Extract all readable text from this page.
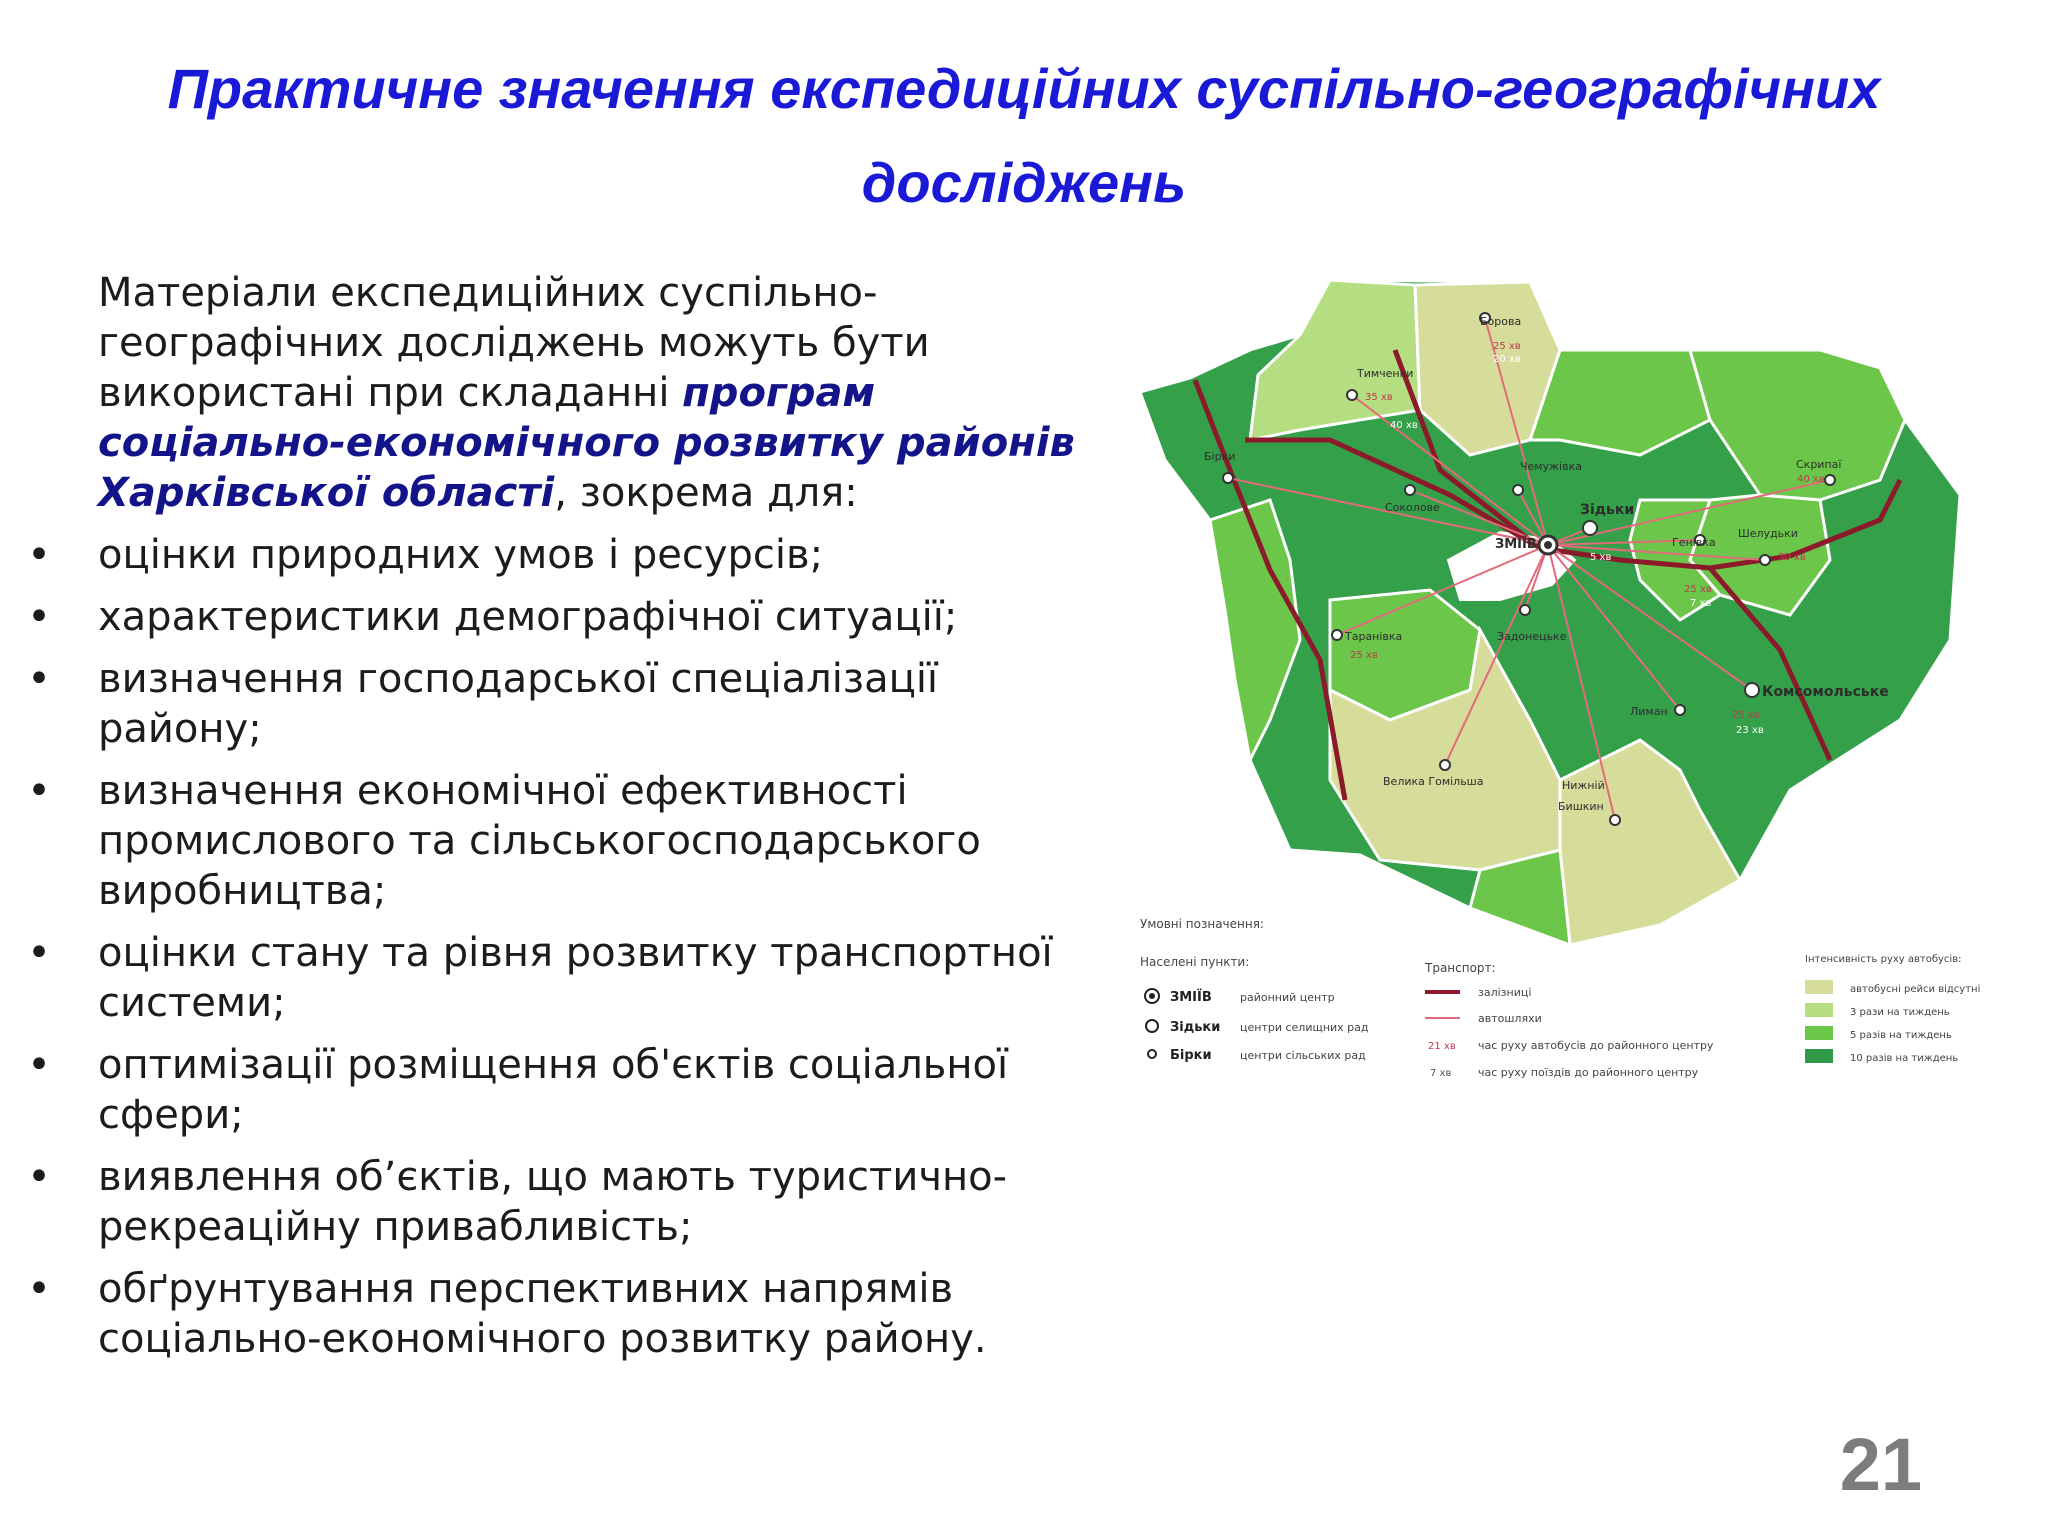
Практичне значення експедиційних суспільно-географічних досліджень

Матеріали експедиційних суспільно-географічних досліджень можуть бути використані при складанні програм соціально-економічного розвитку районів Харківської області, зокрема для:

• оцінки природних умов і ресурсів;
• характеристики демографічної ситуації;
• визначення господарської спеціалізації району;
• визначення економічної ефективності промислового та сільськогосподарського виробництва;
• оцінки стану та рівня розвитку транспортної системи;
• оптимізації розміщення об'єктів соціальної сфери;
• виявлення об’єктів, що мають туристично-рекреаційну привабливість;
• обґрунтування перспективних напрямів соціально-економічного розвитку району.
Борова
Тимченки
Бірки
Чемужівка
Соколове
ЗМІЇВ
Зідьки
Скрипаї
Генівка
Шелудьки
Таранівка	Задонецьке
Лиман
Комсомольське
Велика Гомільша	Нижній
Бишкин
25 хв
20 хв
35 хв
40 хв
40 хв
5 хв	30 хв
25 хв
7 хв
25 хв
25 хв
23 хв
Умовні позначення:
Населені пункти:
ЗМІЇВ	районний центр
Зідьки центри селищних рад
Бірки	центри сільських рад
Транспорт:
залізниці
автошляхи
21 хв час руху автобусів до районного центру
7 хв час руху поїздів до районного центру
Інтенсивність руху автобусів:
автобусні рейси відсутні
3 рази на тиждень
5 разів на тиждень
10 разів на тиждень
21
